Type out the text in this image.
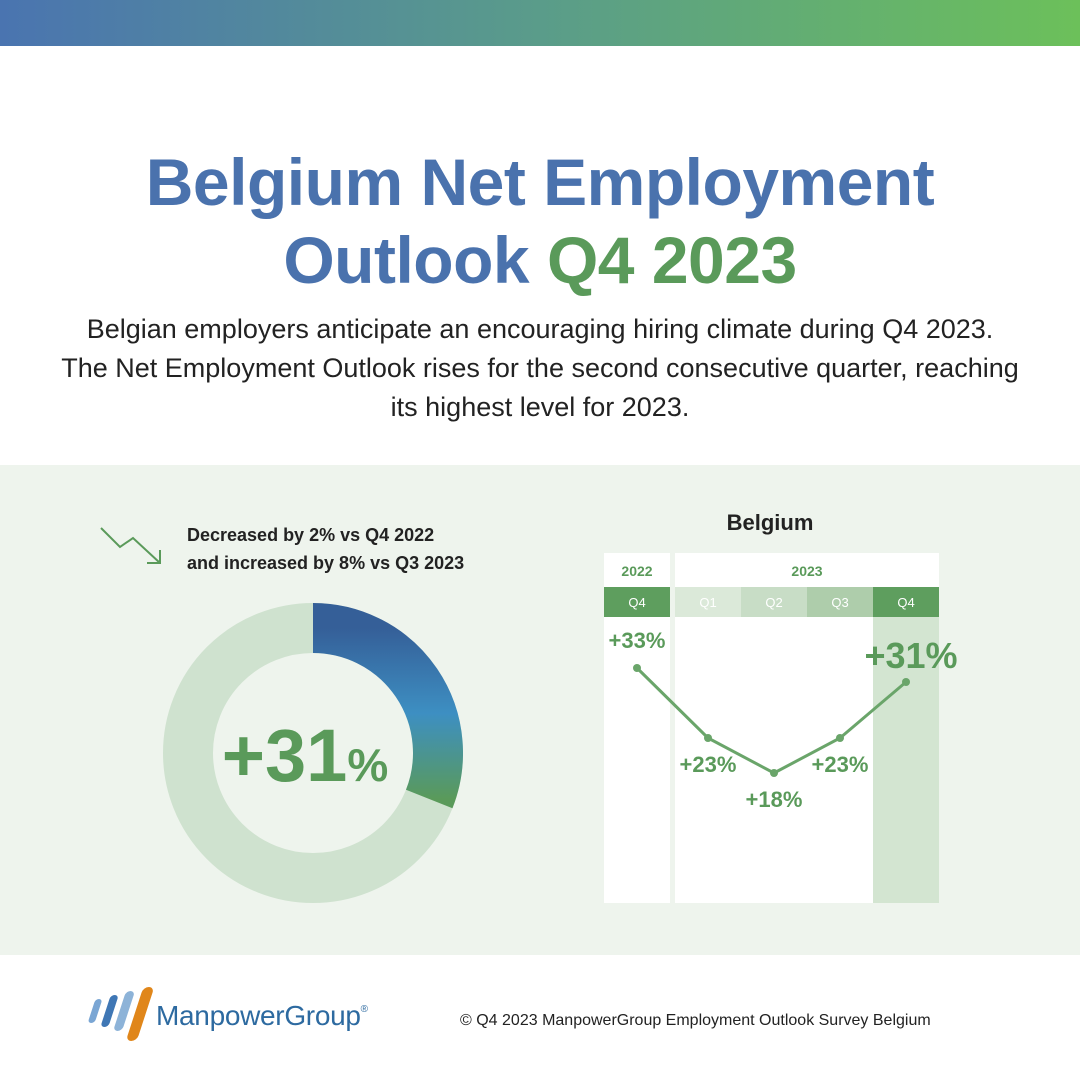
Belgium Net Employment
Outlook Q4 2023
Belgian employers anticipate an encouraging hiring climate during Q4 2023. The Net Employment Outlook rises for the second consecutive quarter, reaching its highest level for 2023.
Decreased by 2% vs Q4 2022
and increased by 8% vs Q3 2023
+31%
Belgium
2022	2023
Q4	Q1	Q2	Q3	Q4
+33%
+23%
+18%
+23%
+31%
ManpowerGroup®
© Q4 2023 ManpowerGroup Employment Outlook Survey Belgium
